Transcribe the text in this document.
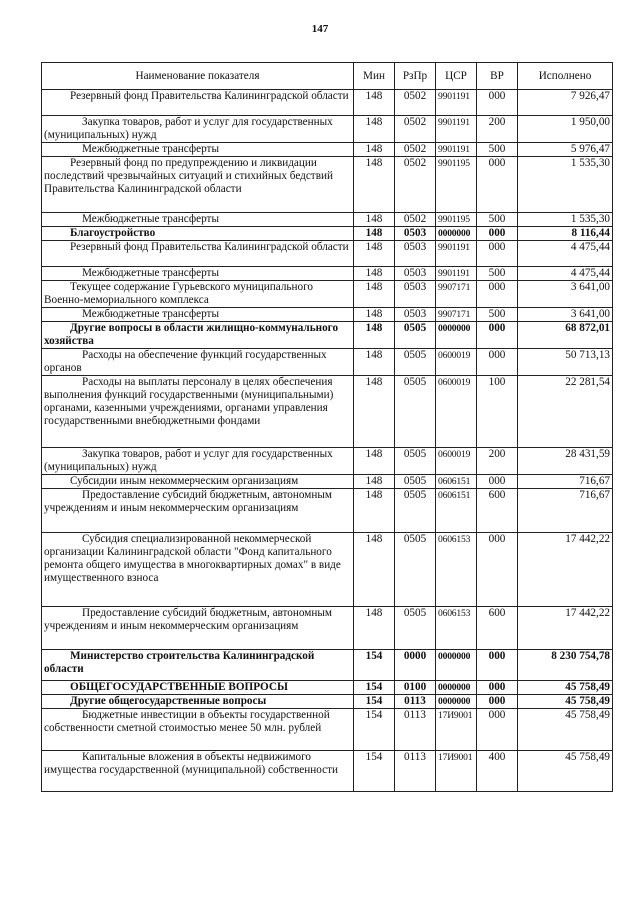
147
Наименование показателя	Мин	РзПр	ЦСР	ВР	Исполнено
Резервный фонд Правительства Калининградской области	148	0502	9901191	000	7 926,47
Закупка товаров, работ и услуг для государственных (муниципальных) нужд	148	0502	9901191	200	1 950,00
Межбюджетные трансферты	148	0502	9901191	500	5 976,47
Резервный фонд по предупреждению и ликвидации последствий чрезвычайных ситуаций и стихийных бедствий Правительства Калининградской области	148	0502	9901195	000	1 535,30
Межбюджетные трансферты	148	0502	9901195	500	1 535,30
Благоустройство	148	0503	0000000	000	8 116,44
Резервный фонд Правительства Калининградской области	148	0503	9901191	000	4 475,44
Межбюджетные трансферты	148	0503	9901191	500	4 475,44
Текущее содержание Гурьевского муниципального Военно-мемориального комплекса	148	0503	9907171	000	3 641,00
Межбюджетные трансферты	148	0503	9907171	500	3 641,00
Другие вопросы в области жилищно-коммунального хозяйства	148	0505	0000000	000	68 872,01
Расходы на обеспечение функций государственных органов	148	0505	0600019	000	50 713,13
Расходы на выплаты персоналу в целях обеспечения выполнения функций государственными (муниципальными) органами, казенными учреждениями, органами управления государственными внебюджетными фондами	148	0505	0600019	100	22 281,54
Закупка товаров, работ и услуг для государственных (муниципальных) нужд	148	0505	0600019	200	28 431,59
Субсидии иным некоммерческим организациям	148	0505	0606151	000	716,67
Предоставление субсидий бюджетным, автономным учреждениям и иным некоммерческим организациям	148	0505	0606151	600	716,67
Субсидия специализированной некоммерческой организации Калининградской области "Фонд капитального ремонта общего имущества в многоквартирных домах" в виде имущественного взноса	148	0505	0606153	000	17 442,22
Предоставление субсидий бюджетным, автономным учреждениям и иным некоммерческим организациям	148	0505	0606153	600	17 442,22
Министерство строительства Калининградской области	154	0000	0000000	000	8 230 754,78
ОБЩЕГОСУДАРСТВЕННЫЕ ВОПРОСЫ	154	0100	0000000	000	45 758,49
Другие общегосударственные вопросы	154	0113	0000000	000	45 758,49
Бюджетные инвестиции в объекты государственной собственности сметной стоимостью менее 50 млн. рублей	154	0113	17И9001	000	45 758,49
Капитальные вложения в объекты недвижимого имущества государственной (муниципальной) собственности	154	0113	17И9001	400	45 758,49
